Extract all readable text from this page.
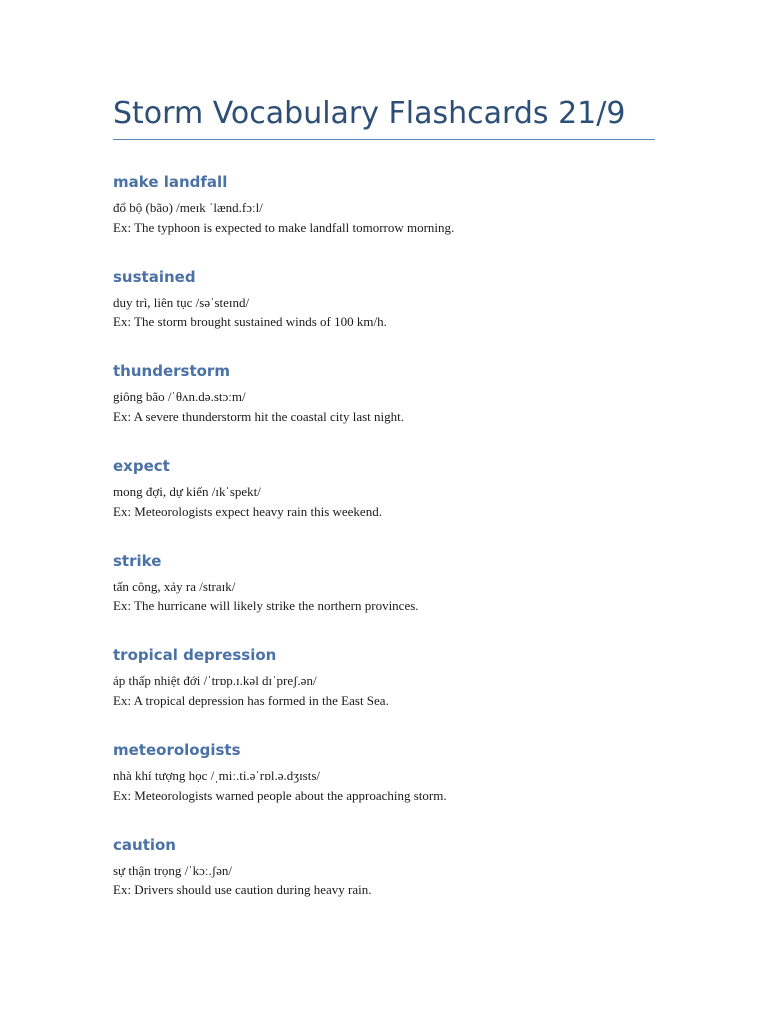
Storm Vocabulary Flashcards 21/9
make landfall

đổ bộ (bão) /meɪk ˈlænd.fɔːl/

Ex: The typhoon is expected to make landfall tomorrow morning.

sustained

duy trì, liên tục /səˈsteɪnd/

Ex: The storm brought sustained winds of 100 km/h.

thunderstorm

giông bão /ˈθʌn.də.stɔːm/

Ex: A severe thunderstorm hit the coastal city last night.

expect

mong đợi, dự kiến /ɪkˈspekt/

Ex: Meteorologists expect heavy rain this weekend.

strike

tấn công, xảy ra /straɪk/

Ex: The hurricane will likely strike the northern provinces.

tropical depression

áp thấp nhiệt đới /ˈtrɒp.ɪ.kəl dɪˈpreʃ.ən/

Ex: A tropical depression has formed in the East Sea.

meteorologists

nhà khí tượng học /ˌmiː.ti.əˈrɒl.ə.dʒɪsts/

Ex: Meteorologists warned people about the approaching storm.

caution

sự thận trọng /ˈkɔː.ʃən/

Ex: Drivers should use caution during heavy rain.
